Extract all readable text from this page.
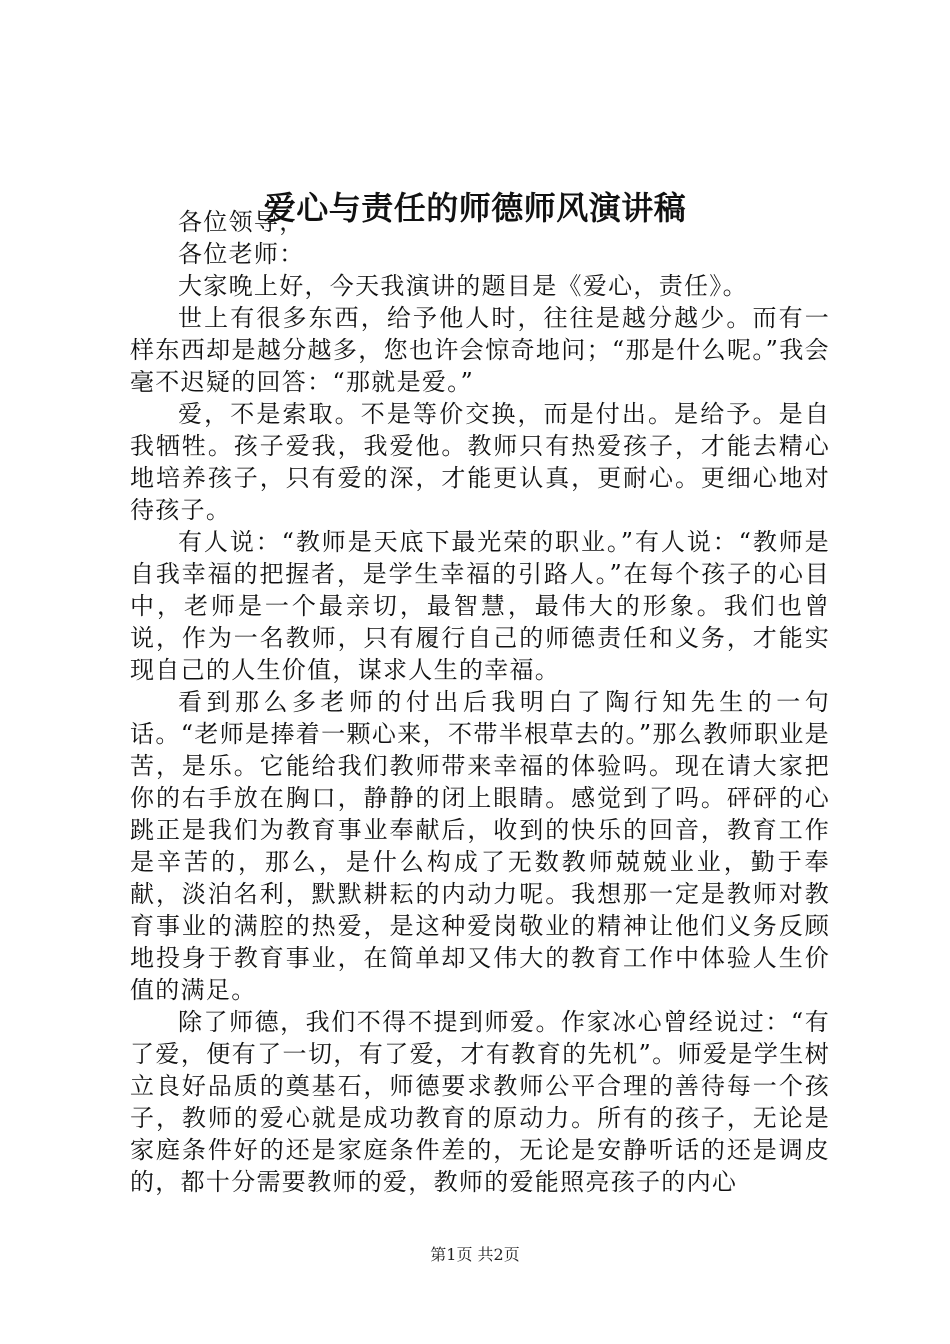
爱心与责任的师德师风演讲稿

各位领导，

各位老师：

大家晚上好，今天我演讲的题目是《爱心，责任》。

世上有很多东西，给予他人时，往往是越分越少。而有一样东西却是越分越多，您也许会惊奇地问；“那是什么呢。”我会毫不迟疑的回答：“那就是爱。”

爱，不是索取。不是等价交换，而是付出。是给予。是自我牺牲。孩子爱我，我爱他。教师只有热爱孩子，才能去精心地培养孩子，只有爱的深，才能更认真，更耐心。更细心地对待孩子。

有人说：“教师是天底下最光荣的职业。”有人说：“教师是自我幸福的把握者，是学生幸福的引路人。”在每个孩子的心目中，老师是一个最亲切，最智慧，最伟大的形象。我们也曾说，作为一名教师，只有履行自己的师德责任和义务，才能实现自己的人生价值，谋求人生的幸福。

看到那么多老师的付出后我明白了陶行知先生的一句话。“老师是捧着一颗心来，不带半根草去的。”那么教师职业是苦，是乐。它能给我们教师带来幸福的体验吗。现在请大家把你的右手放在胸口，静静的闭上眼睛。感觉到了吗。砰砰的心跳正是我们为教育事业奉献后，收到的快乐的回音，教育工作是辛苦的，那么，是什么构成了无数教师兢兢业业，勤于奉献，淡泊名利，默默耕耘的内动力呢。我想那一定是教师对教育事业的满腔的热爱，是这种爱岗敬业的精神让他们义务反顾地投身于教育事业，在简单却又伟大的教育工作中体验人生价值的满足。

除了师德，我们不得不提到师爱。作家冰心曾经说过：“有了爱，便有了一切，有了爱，才有教育的先机”。师爱是学生树立良好品质的奠基石，师德要求教师公平合理的善待每一个孩子，教师的爱心就是成功教育的原动力。所有的孩子，无论是家庭条件好的还是家庭条件差的，无论是安静听话的还是调皮的，都十分需要教师的爱，教师的爱能照亮孩子的内心

第1页 共2页
